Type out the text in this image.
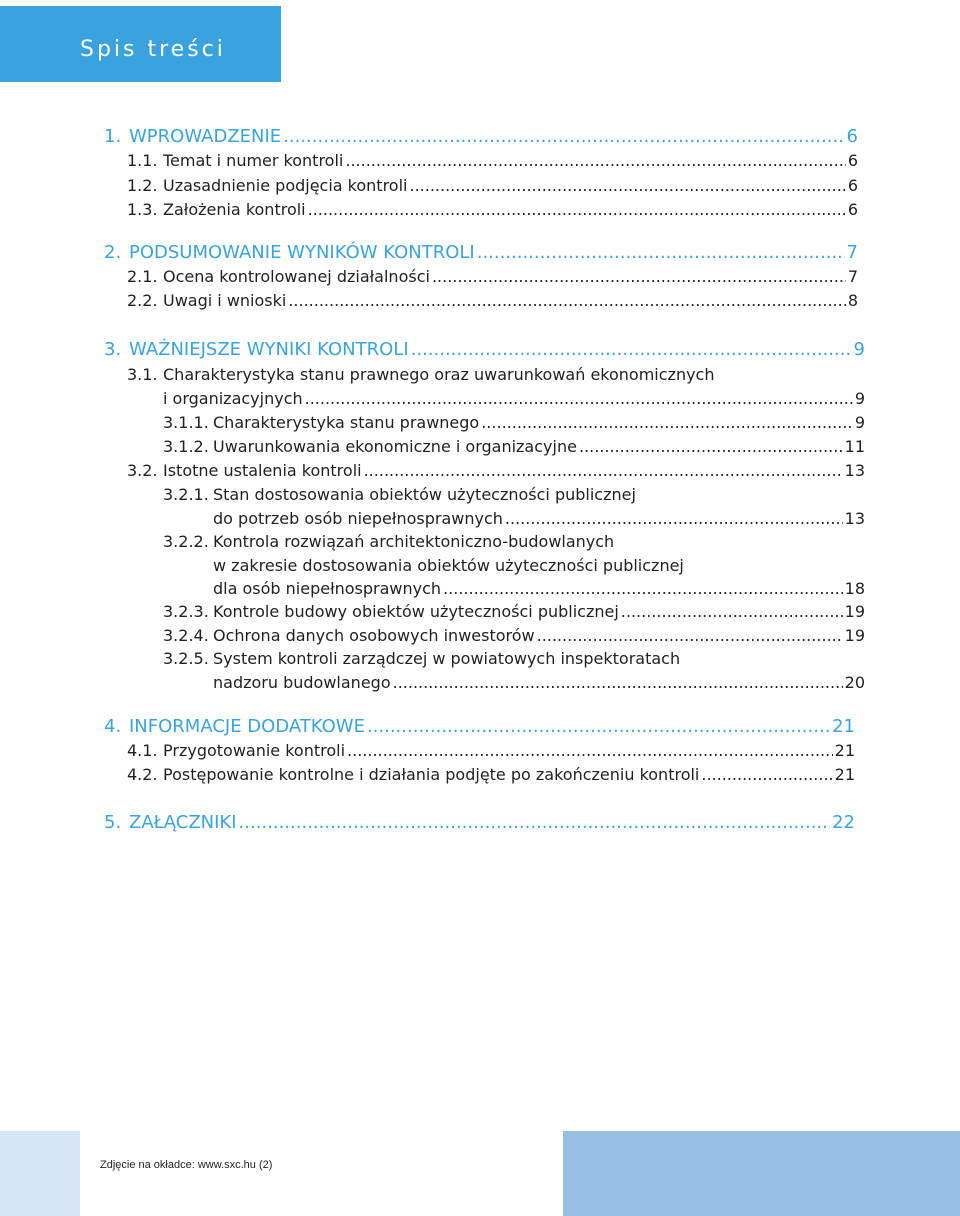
Spis treści
1. WPROWADZENIE .....	6
1.1. Temat i numer kontroli .....	6
1.2. Uzasadnienie podjęcia kontroli .....	6
1.3. Założenia kontroli .....	6
2. PODSUMOWANIE WYNIKÓW KONTROLI .....	7
2.1. Ocena kontrolowanej działalności .....	7
2.2. Uwagi i wnioski .....	8
3. WAŻNIEJSZE WYNIKI KONTROLI .....	9
3.1. Charakterystyka stanu prawnego oraz uwarunkowań ekonomicznych
i organizacyjnych .....	9
3.1.1. Charakterystyka stanu prawnego .....	9
3.1.2. Uwarunkowania ekonomiczne i organizacyjne .....	11
3.2. Istotne ustalenia kontroli .....	13
3.2.1. Stan dostosowania obiektów użyteczności publicznej
do potrzeb osób niepełnosprawnych .....	13
3.2.2. Kontrola rozwiązań architektoniczno-budowlanych
w zakresie dostosowania obiektów użyteczności publicznej
dla osób niepełnosprawnych .....	18
3.2.3. Kontrole budowy obiektów użyteczności publicznej .....	19
3.2.4. Ochrona danych osobowych inwestorów .....	19
3.2.5. System kontroli zarządczej w powiatowych inspektoratach
nadzoru budowlanego .....	20
4. INFORMACJE DODATKOWE .....	21
4.1. Przygotowanie kontroli .....	21
4.2. Postępowanie kontrolne i działania podjęte po zakończeniu kontroli .....	21
5. ZAŁĄCZNIKI .....	22
Zdjęcie na okładce: www.sxc.hu (2)
